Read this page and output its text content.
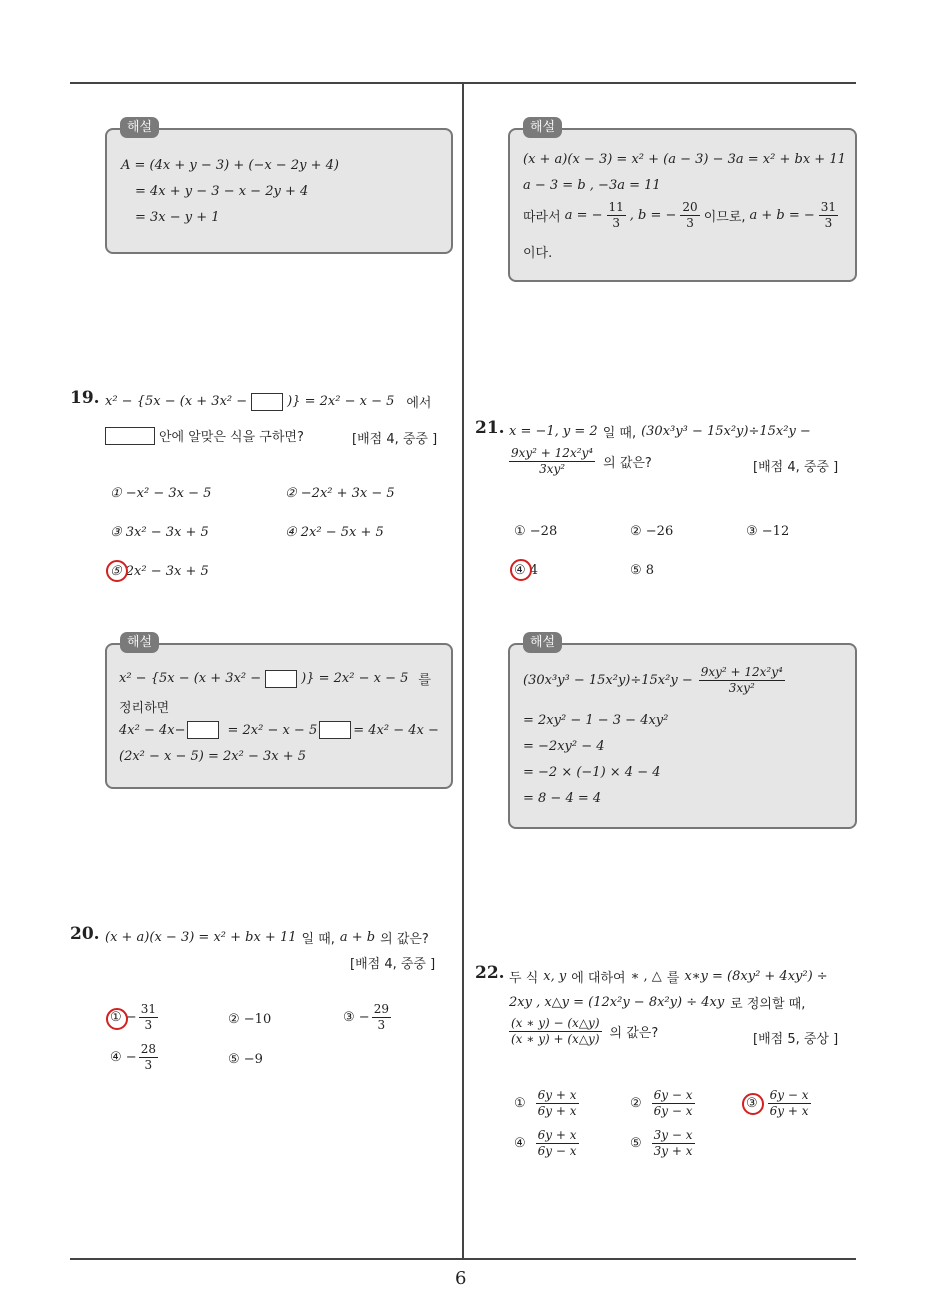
6
A = (4x + y − 3) + (−x − 2y + 4)
= 4x + y − 3 − x − 2y + 4
= 3x − y + 1
해설
(x + a)(x − 3) = x² + (a − 3) − 3a = x² + bx + 11
a − 3 = b , −3a = 11
따라서 a = − $\frac{11}{3}$ , b = − $\frac{20}{3}$ 이므로, a + b = − $\frac{31}{3}$
이다.
해설
19. x² − {5x − (x + 3x² −	)} = 2x² − x − 5 에서
안에 알맞은 식을 구하면?	[배점 4, 중중 ]
① −x² − 3x − 5	② −2x² + 3x − 5
③ 3x² − 3x + 5	④ 2x² − 5x + 5
⑤ 2x² − 3x + 5
x² − {5x − (x + 3x² −	)} = 2x² − x − 5 를
정리하면
4x² − 4x−	= 2x² − x − 5	= 4x² − 4x −
(2x² − x − 5) = 2x² − 3x + 5
해설
20. (x + a)(x − 3) = x² + bx + 11 일 때, a + b 의 값은?
[배점 4, 중중 ]
① − $\frac{31}{3}$	② −10	③ − $\frac{29}{3}$
④ − $\frac{28}{3}$	⑤ −9
21. x = −1, y = 2 일 때, (30x³y³ − 15x²y)÷15x²y −
$\frac{\text{9xy² + 12x²y⁴}}{\text{3xy²}}$ 의 값은?	[배점 4, 중중 ]
① −28	② −26	③ −12
④ 4	⑤ 8
$(30x^3y^3 - 15x^2y)\div 15x^2y - \frac{\text{9xy² + 12x²y⁴}}{\text{3xy²}}$
= 2xy² − 1 − 3 − 4xy²
= −2xy² − 4
= −2 × (−1) × 4 − 4
= 8 − 4 = 4
해설
22. 두 식 x, y 에 대하여 ∗ , △ 를 x∗y = (8xy² + 4xy²) ÷
2xy , x△y = (12x²y − 8x²y) ÷ 4xy 로 정의할 때,
$\frac{(x ∗ y) - (x\triangle y)}{(x ∗ y) + (x\triangle y)}$ 의 값은?	[배점 5, 중상 ]
① $\frac{6y + x}{6y + x}$	② $\frac{6y - x}{6y - x}$	③ $\frac{6y - x}{6y + x}$
④ $\frac{6y + x}{6y - x}$	⑤ $\frac{3y - x}{3y + x}$
